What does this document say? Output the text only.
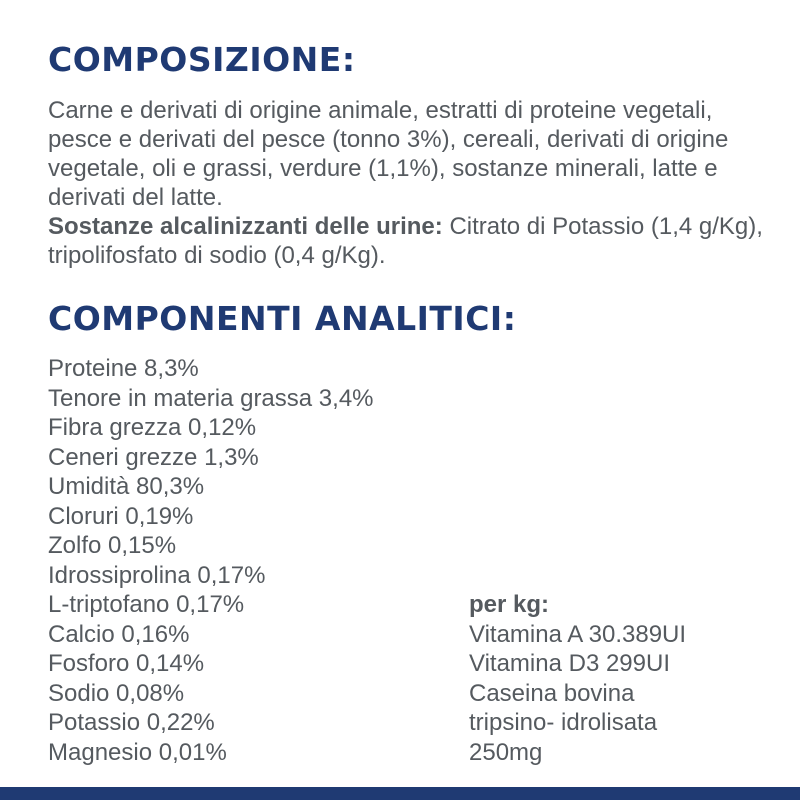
COMPOSIZIONE:

Carne e derivati di origine animale, estratti di proteine vegetali, pesce e derivati del pesce (tonno 3%), cereali, derivati di origine vegetale, oli e grassi, verdure (1,1%), sostanze minerali, latte e derivati del latte.
Sostanze alcalinizzanti delle urine: Citrato di Potassio (1,4 g/Kg), tripolifosfato di sodio (0,4 g/Kg).

COMPONENTI ANALITICI:
Proteine 8,3%
Tenore in materia grassa 3,4%
Fibra grezza 0,12%
Ceneri grezze 1,3%
Umidità 80,3%
Cloruri 0,19%
Zolfo 0,15%
Idrossiprolina 0,17%
L-triptofano 0,17%
Calcio 0,16%
Fosforo 0,14%
Sodio 0,08%
Potassio 0,22%
Magnesio 0,01%
per kg:
Vitamina A 30.389UI
Vitamina D3 299UI
Caseina bovina
tripsino- idrolisata
250mg
